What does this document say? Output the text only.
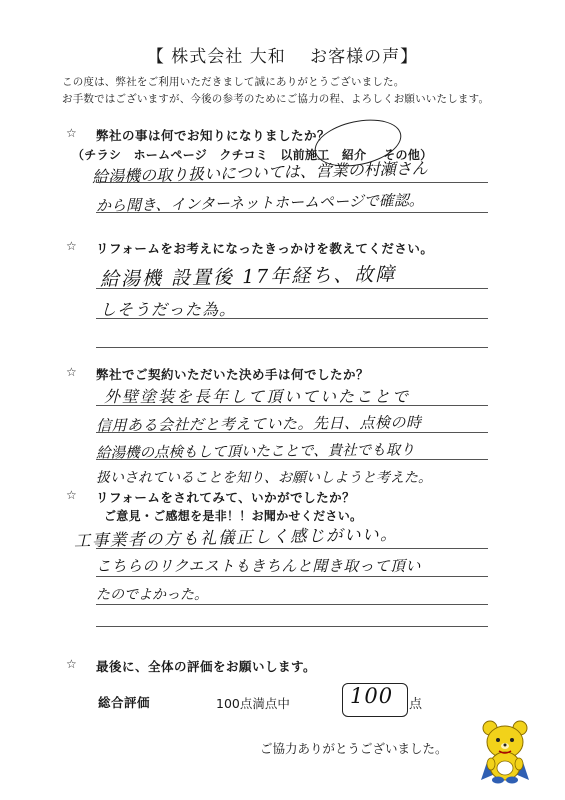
【 株式会社 大和　 お客様の声】
この度は、弊社をご利用いただきまして誠にありがとうございました。
お手数ではございますが、今後の参考のためにご協力の程、よろしくお願いいたします。
☆ 弊社の事は何でお知りになりましたか？
（チラシ　ホームページ　クチコミ　以前施工　紹介　 その他）
給湯機の取り扱いについては、営業の村瀬さん
から聞き、インターネットホームページで確認。
☆ リフォームをお考えになったきっかけを教えてください。
給湯機 設置後 17年経ち、故障
しそうだった為。
☆ 弊社でご契約いただいた決め手は何でしたか？
外壁塗装を長年して頂いていたことで
信用ある会社だと考えていた。先日、点検の時
給湯機の点検もして頂いたことで、貴社でも取り
扱いされていることを知り、お願いしようと考えた。
☆ リフォームをされてみて、いかがでしたか？
ご意見・ご感想を是非！！お聞かせください。
工事業者の方も礼儀正しく感じがいい。
こちらのリクエストもきちんと聞き取って頂い
たのでよかった。
☆ 最後に、全体の評価をお願いします。
総合評価	100点満点中	100 点
ご協力ありがとうございました。
